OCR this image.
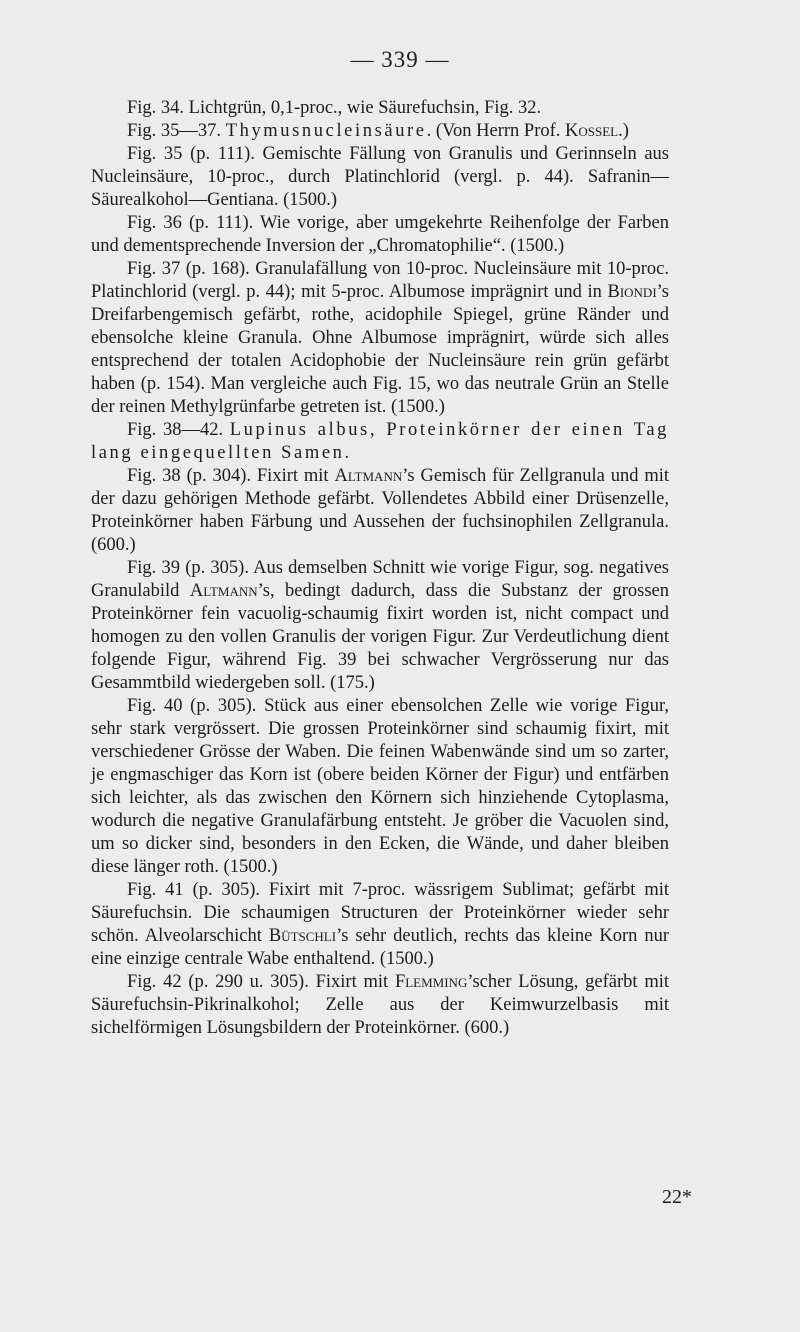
— 339 —

Fig. 34. Lichtgrün, 0,1-proc., wie Säurefuchsin, Fig. 32.

Fig. 35—37. Thymusnucleinsäure. (Von Herrn Prof. Kossel.)

Fig. 35 (p. 111). Gemischte Fällung von Granulis und Gerinnseln aus Nucleinsäure, 10-proc., durch Platinchlorid (vergl. p. 44). Safranin—Säurealkohol—Gentiana. (1500.)

Fig. 36 (p. 111). Wie vorige, aber umgekehrte Reihenfolge der Farben und dementsprechende Inversion der „Chromatophilie“. (1500.)

Fig. 37 (p. 168). Granulafällung von 10-proc. Nucleinsäure mit 10-proc. Platinchlorid (vergl. p. 44); mit 5-proc. Albumose imprägnirt und in Biondi’s Dreifarbengemisch gefärbt, rothe, acidophile Spiegel, grüne Ränder und ebensolche kleine Granula. Ohne Albumose imprägnirt, würde sich alles entsprechend der totalen Acidophobie der Nucleinsäure rein grün gefärbt haben (p. 154). Man vergleiche auch Fig. 15, wo das neutrale Grün an Stelle der reinen Methylgrünfarbe getreten ist. (1500.)

Fig. 38—42. Lupinus albus, Proteinkörner der einen Tag lang eingequellten Samen.

Fig. 38 (p. 304). Fixirt mit Altmann’s Gemisch für Zellgranula und mit der dazu gehörigen Methode gefärbt. Vollendetes Abbild einer Drüsenzelle, Proteinkörner haben Färbung und Aussehen der fuchsinophilen Zellgranula. (600.)

Fig. 39 (p. 305). Aus demselben Schnitt wie vorige Figur, sog. negatives Granulabild Altmann’s, bedingt dadurch, dass die Substanz der grossen Proteinkörner fein vacuolig-schaumig fixirt worden ist, nicht compact und homogen zu den vollen Granulis der vorigen Figur. Zur Verdeutlichung dient folgende Figur, während Fig. 39 bei schwacher Vergrösserung nur das Gesammtbild wiedergeben soll. (175.)

Fig. 40 (p. 305). Stück aus einer ebensolchen Zelle wie vorige Figur, sehr stark vergrössert. Die grossen Proteinkörner sind schaumig fixirt, mit verschiedener Grösse der Waben. Die feinen Wabenwände sind um so zarter, je engmaschiger das Korn ist (obere beiden Körner der Figur) und entfärben sich leichter, als das zwischen den Körnern sich hinziehende Cytoplasma, wodurch die negative Granulafärbung entsteht. Je gröber die Vacuolen sind, um so dicker sind, besonders in den Ecken, die Wände, und daher bleiben diese länger roth. (1500.)

Fig. 41 (p. 305). Fixirt mit 7-proc. wässrigem Sublimat; gefärbt mit Säurefuchsin. Die schaumigen Structuren der Proteinkörner wieder sehr schön. Alveolarschicht Bütschli’s sehr deutlich, rechts das kleine Korn nur eine einzige centrale Wabe enthaltend. (1500.)

Fig. 42 (p. 290 u. 305). Fixirt mit Flemming’scher Lösung, gefärbt mit Säurefuchsin-Pikrinalkohol; Zelle aus der Keimwurzelbasis mit sichelförmigen Lösungsbildern der Proteinkörner. (600.)

22*
